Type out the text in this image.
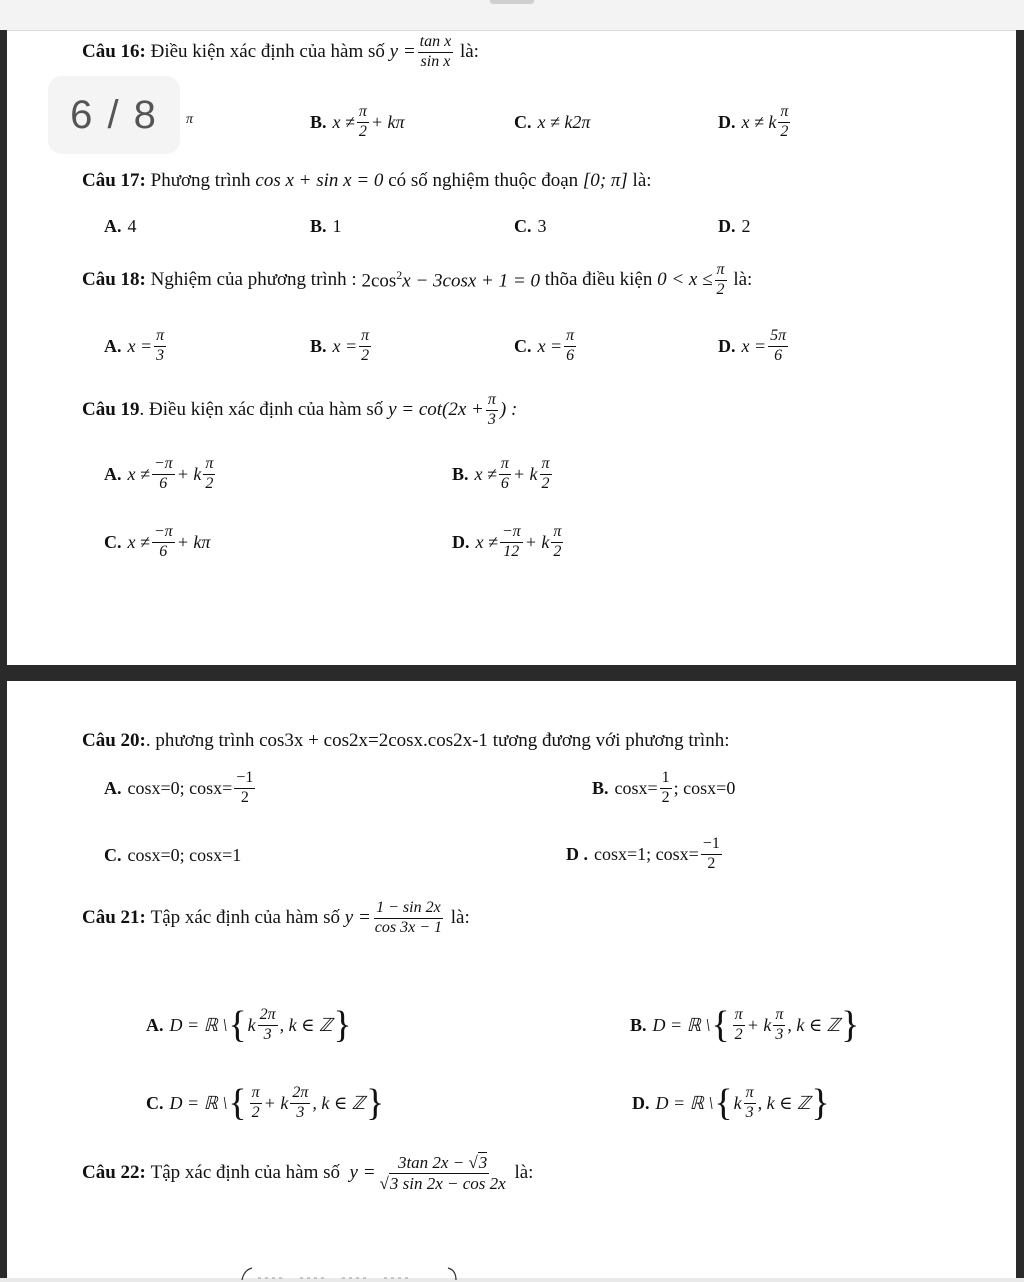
Câu 16:
Điều kiện xác định của hàm số
$y = \frac{\text{tan x}}{\text{sin x}}$
là:
6 / 8 π	B. $x \ne \frac{\pi}{2} + k\pi$	C. x ≠ k2π	D. x ≠ k $\frac{\pi}{2}$
Câu 17:
Phương trình
cos x + sin x = 0
có số nghiệm thuộc đoạn
[0; π]
là:
A. 4	B. 1	C. 3	D. 2
Câu 18:
Nghiệm của phương trình :
$2\cos^2x - 3\cos x + 1 = 0$
thõa điều kiện
$0 < x \le \frac{\pi}{2}$
là:
A. $x = \frac{\pi}{3}$	B. $x = \frac{\pi}{2}$	C. $x = \frac{\pi}{6}$	D. $x = \frac{5\pi}{6}$
Câu 19 . Điều kiện xác định của hàm số
$y = \cot(2x + \frac{\pi}{3}$ ) :
A. $x \ne \frac{-\pi}{6} + k \frac{\pi}{2}$	B. $x \ne \frac{\pi}{6} + k \frac{\pi}{2}$
C. $x \ne \frac{-\pi}{6} + k\pi$	D. $x \ne \frac{-\pi}{12} + k \frac{\pi}{2}$
Câu 20: . phương trình
cos3x + cos2x=2cosx.cos2x-1
tương đương với phương trình:
A. cosx=0; $\cos x= \frac{-1}{2}$	B. $\cos x= \frac{1}{2}$ ; cosx=0
C. cosx=0; cosx=1	D . cosx=1; $\cos x= \frac{-1}{2}$
Câu 21:
Tập xác định của hàm số
$y = \frac{1 - \sin 2x}{\cos 3x - 1}$
là:
A. D = ℝ \ { k $\frac{2\pi}{3}$ , k ∈ ℤ }	B. D = ℝ \ { $\frac{\pi}{2} + k \frac{\pi}{3}$ , k ∈ ℤ }
C. D = ℝ \ { $\frac{\pi}{2} + k \frac{2\pi}{3}$ , k ∈ ℤ }	D. D = ℝ \ { k $\frac{\pi}{3}$ , k ∈ ℤ }
Câu 22:
Tập xác định của hàm số
$y = \frac{3\tan 2x - √3}{√3 \sin 2x - \cos 2x}$
là:
